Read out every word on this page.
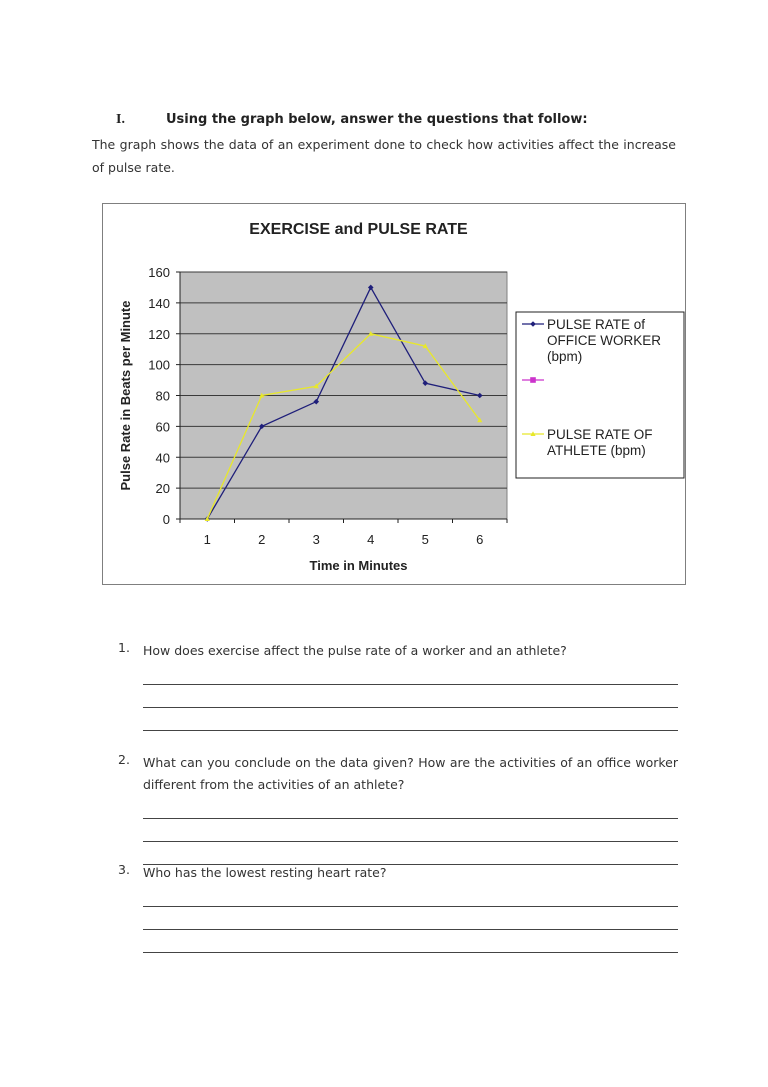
I.	Using the graph below, answer the questions that follow:
The graph shows the data of an experiment done to check how activities affect the increase of pulse rate.
EXERCISE and PULSE RATE
0
20
40
60
80
100
120
140
160
1	2	3	4	5	6
Time in Minutes
Pulse Rate in Beats per Minute	PULSE RATE of
OFFICE WORKER
(bpm)
PULSE RATE OF
ATHLETE (bpm)
1. How does exercise affect the pulse rate of a worker and an athlete?
2. What can you conclude on the data given? How are the activities of an office worker different from the activities of an athlete?
3. Who has the lowest resting heart rate?
